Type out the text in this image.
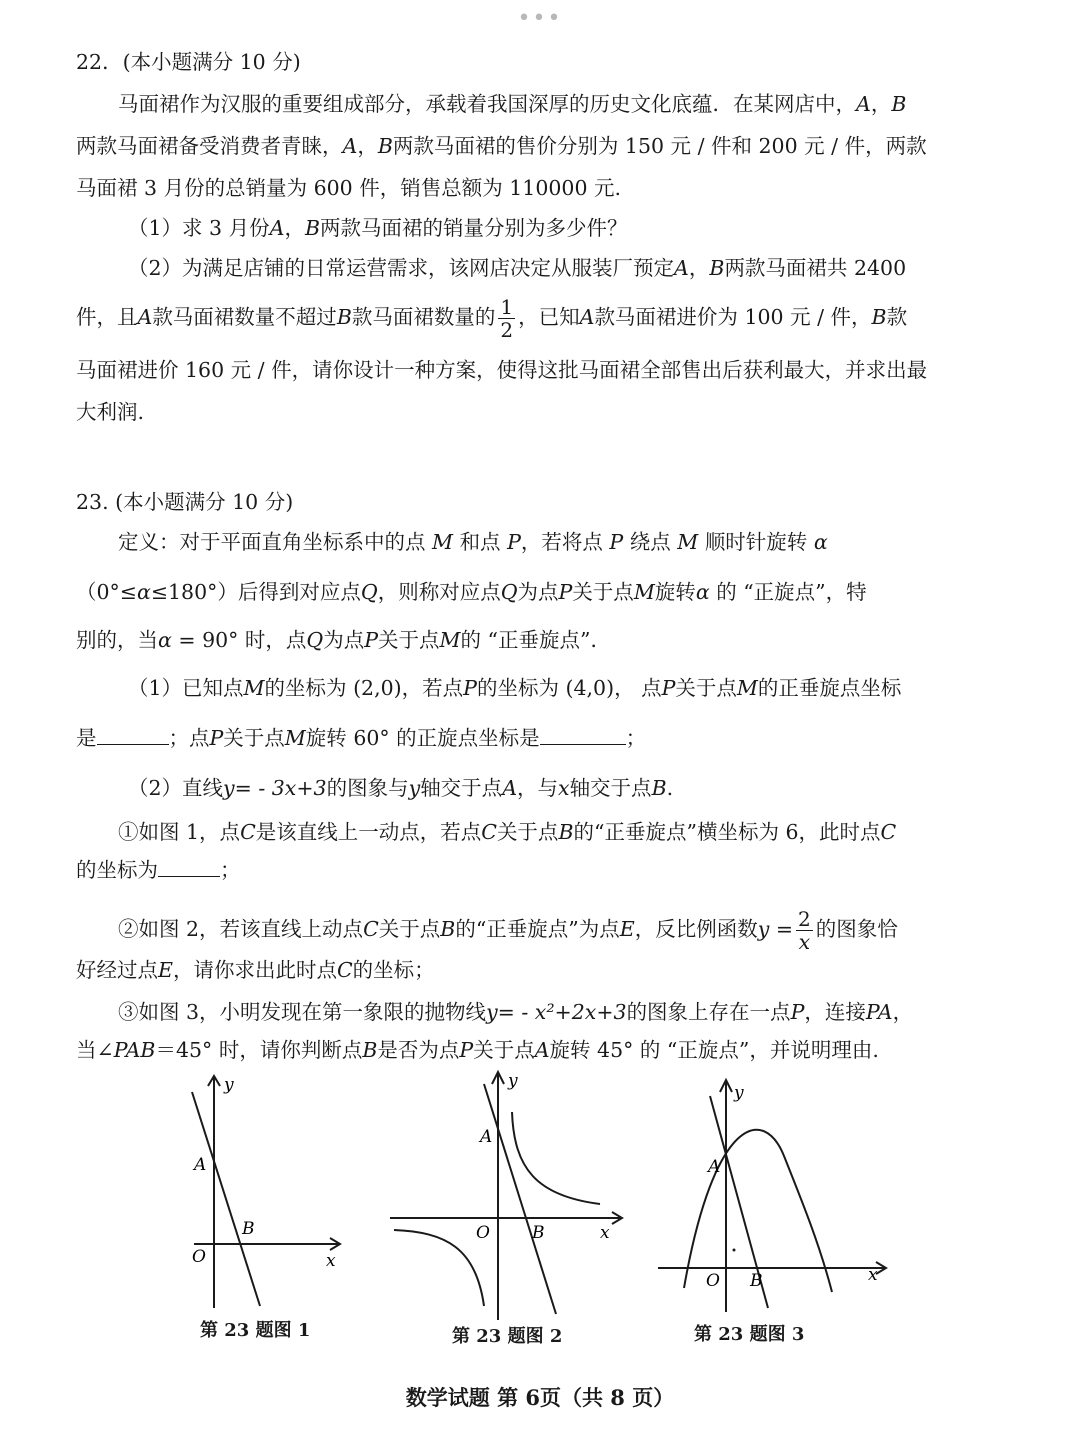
•••
22．(本小题满分 10 分)
马面裙作为汉服的重要组成部分，承载着我国深厚的历史文化底蕴．在某网店中，A，B
两款马面裙备受消费者青睐，A，B两款马面裙的售价分别为 150 元 / 件和 200 元 / 件，两款
马面裙 3 月份的总销量为 600 件，销售总额为 110000 元.
（1）求 3 月份A，B两款马面裙的销量分别为多少件？
（2）为满足店铺的日常运营需求，该网店决定从服装厂预定A，B两款马面裙共 2400
件，且A款马面裙数量不超过B款马面裙数量的 $\frac{1}{2}$ ，已知A款马面裙进价为 100 元 / 件，B款
马面裙进价 160 元 / 件，请你设计一种方案，使得这批马面裙全部售出后获利最大，并求出最
大利润.
23. (本小题满分 10 分)
定义：对于平面直角坐标系中的点 M 和点 P，若将点 P 绕点 M 顺时针旋转 α
（0°≤α≤180°）后得到对应点Q，则称对应点Q为点P关于点M旋转α 的 “正旋点”，特
别的，当α = 90° 时，点Q为点P关于点M的 “正垂旋点”．
（1）已知点M的坐标为 (2,0)，若点P的坐标为 (4,0)， 点P关于点M的正垂旋点坐标
是	；点P关于点M旋转 60° 的正旋点坐标是	；
（2）直线y= - 3x+3的图象与y轴交于点A，与x轴交于点B.
①如图 1，点C是该直线上一动点，若点C关于点B的“正垂旋点”横坐标为 6，此时点C
的坐标为	；
②如图 2，若该直线上动点C关于点B的“正垂旋点”为点E，反比例函数$y = \frac{2}{x}$ 的图象恰
好经过点E，请你求出此时点C的坐标；
③如图 3，小明发现在第一象限的抛物线y= - x²+2x+3的图象上存在一点P，连接PA，
当∠PAB＝45° 时，请你判断点B是否为点P关于点A旋转 45° 的 “正旋点”，并说明理由.
y
A
B
O	x
第 23 题图 1
y
A
B
O	x
第 23 题图 2
y
A
B
O	x
第 23 题图 3
数学试题 第 6页（共 8 页）
